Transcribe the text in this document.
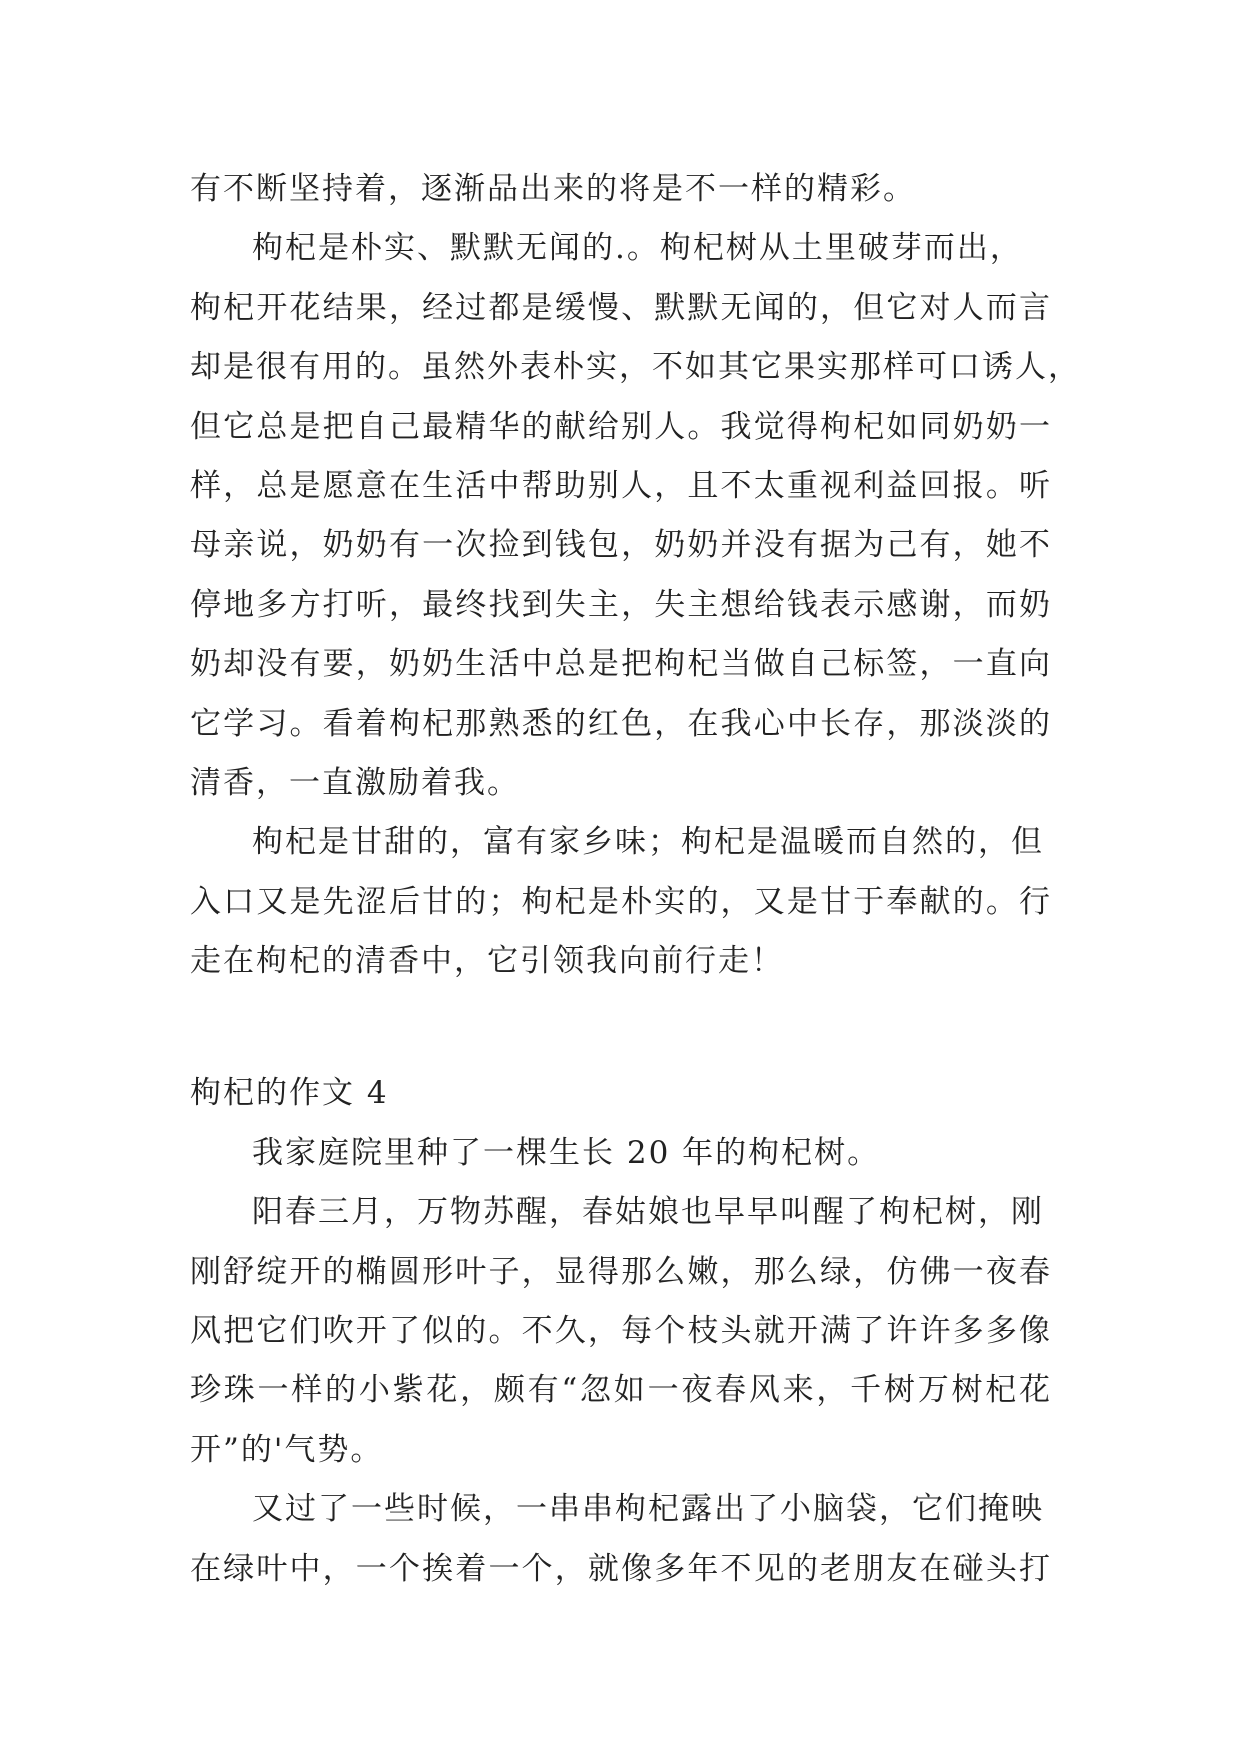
有不断坚持着，逐渐品出来的将是不一样的精彩。
枸杞是朴实、默默无闻的.。枸杞树从土里破芽而出，
枸杞开花结果，经过都是缓慢、默默无闻的，但它对人而言
却是很有用的。虽然外表朴实，不如其它果实那样可口诱人，
但它总是把自己最精华的献给别人。我觉得枸杞如同奶奶一
样，总是愿意在生活中帮助别人，且不太重视利益回报。听
母亲说，奶奶有一次捡到钱包，奶奶并没有据为己有，她不
停地多方打听，最终找到失主，失主想给钱表示感谢，而奶
奶却没有要，奶奶生活中总是把枸杞当做自己标签，一直向
它学习。看着枸杞那熟悉的红色，在我心中长存，那淡淡的
清香，一直激励着我。
枸杞是甘甜的，富有家乡味；枸杞是温暖而自然的，但
入口又是先涩后甘的；枸杞是朴实的，又是甘于奉献的。行
走在枸杞的清香中，它引领我向前行走！
枸杞的作文 4
我家庭院里种了一棵生长 20 年的枸杞树。
阳春三月，万物苏醒，春姑娘也早早叫醒了枸杞树，刚
刚舒绽开的椭圆形叶子，显得那么嫩，那么绿，仿佛一夜春
风把它们吹开了似的。不久，每个枝头就开满了许许多多像
珍珠一样的小紫花，颇有“忽如一夜春风来，千树万树杞花
开”的'气势。
又过了一些时候，一串串枸杞露出了小脑袋，它们掩映
在绿叶中，一个挨着一个，就像多年不见的老朋友在碰头打
